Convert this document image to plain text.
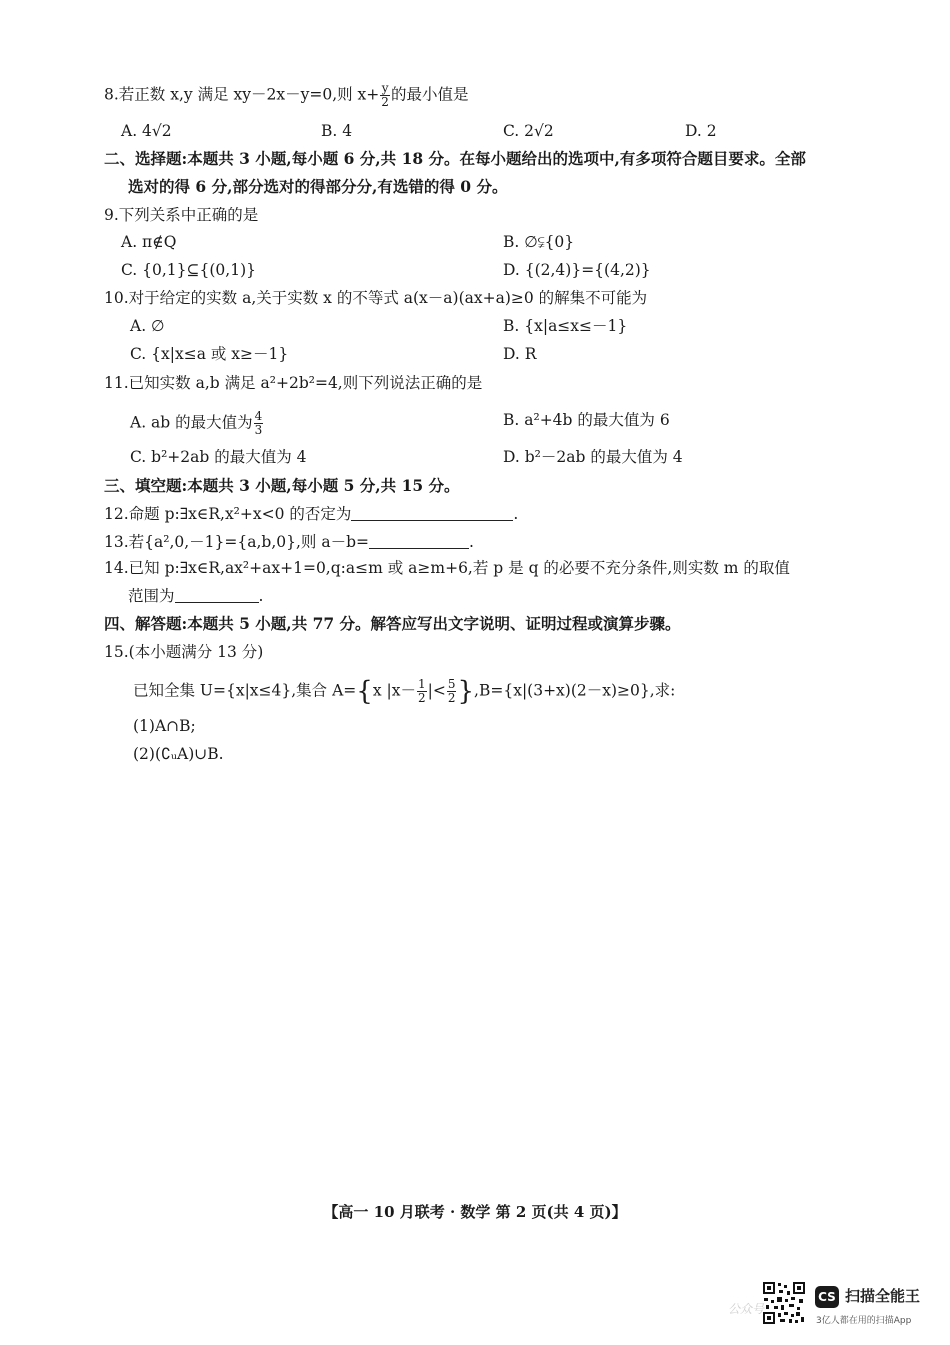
8.若正数 x,y 满足 xy－2x－y=0,则 $x+ \frac{y}{2}$ 的最小值是
A. 4√2	B. 4	C. 2√2	D. 2
二、选择题:本题共 3 小题,每小题 6 分,共 18 分。在每小题给出的选项中,有多项符合题目要求。全部
选对的得 6 分,部分选对的得部分分,有选错的得 0 分。
9.下列关系中正确的是
A. π∉Q	B. ∅⫋{0}
C. {0,1}⊆{(0,1)}	D. {(2,4)}={(4,2)}
10.对于给定的实数 a,关于实数 x 的不等式 a(x－a)(ax+a)≥0 的解集不可能为
A. ∅	B. {x|a≤x≤－1}
C. {x|x≤a 或 x≥－1}	D. R
11.已知实数 a,b 满足 a²+2b²=4,则下列说法正确的是
A. ab 的最大值为 $\frac{4}{3}$	B. a²+4b 的最大值为 6
C. b²+2ab 的最大值为 4	D. b²－2ab 的最大值为 4
三、填空题:本题共 3 小题,每小题 5 分,共 15 分。
12.命题 p:∃x∈R,x²+x<0 的否定为	.
13.若{a²,0,－1}={a,b,0},则 a－b=	.
14.已知 p:∃x∈R,ax²+ax+1=0,q:a≤m 或 a≥m+6,若 p 是 q 的必要不充分条件,则实数 m 的取值
范围为	.
四、解答题:本题共 5 小题,共 77 分。解答应写出文字说明、证明过程或演算步骤。
15.(本小题满分 13 分)
已知全集 U={x|x≤4},集合 A={x $|x- \frac{1}{2}$ |< $\frac{5}{2} \},B=\{x|(3+x)(2-x)\ge 0\}$,求:
(1)A∩B;
(2)(∁ᵤA)∪B.
【高一 10 月联考 · 数学 第 2 页(共 4 页)】
公众号
CS 扫描全能王
3亿人都在用的扫描App
